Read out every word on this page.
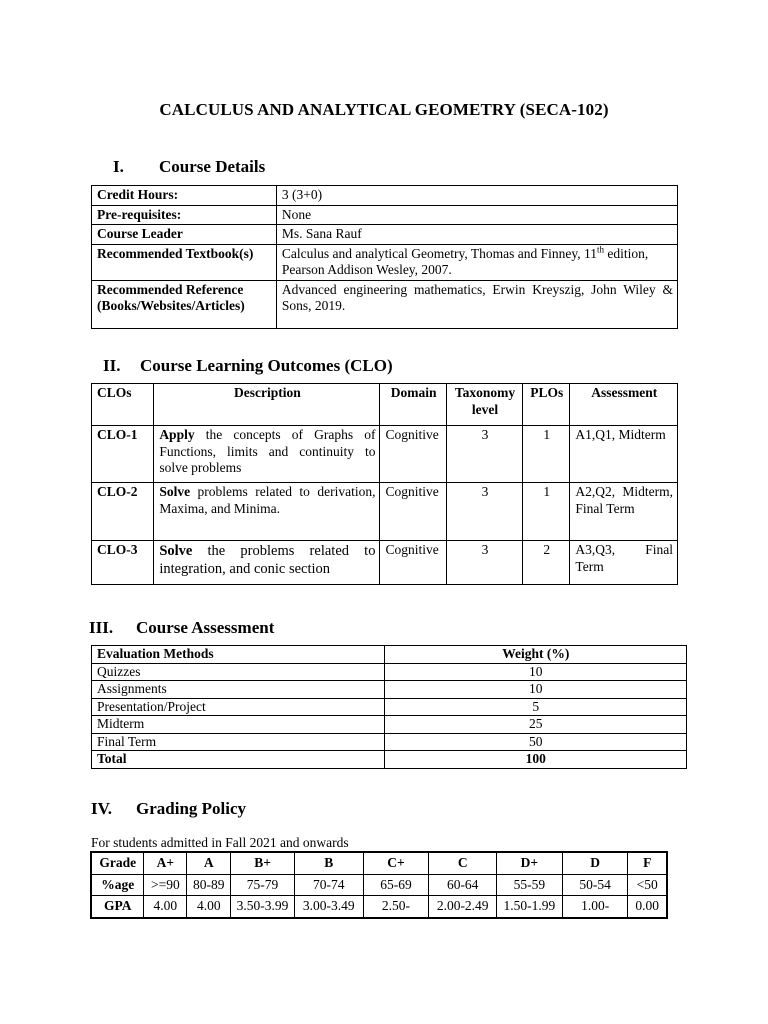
CALCULUS AND ANALYTICAL GEOMETRY (SECA-102)
I. Course Details
Credit Hours:	3 (3+0)
Pre-requisites:	None
Course Leader	Ms. Sana Rauf
Recommended Textbook(s)	Calculus and analytical Geometry, Thomas and Finney, 11th edition, Pearson Addison Wesley, 2007.
Recommended Reference (Books/Websites/Articles)	Advanced engineering mathematics, Erwin Kreyszig, John Wiley & Sons, 2019.
II. Course Learning Outcomes (CLO)
CLOs	Description	Domain	Taxonomy level	PLOs	Assessment
CLO-1	Apply the concepts of Graphs of Functions, limits and continuity to solve problems	Cognitive	3	1	A1,Q1, Midterm
CLO-2	Solve problems related to derivation, Maxima, and Minima.	Cognitive	3	1	A2,Q2, Midterm, Final Term
CLO-3	Solve the problems related to integration, and conic section	Cognitive	3	2	A3,Q3, Final Term
III. Course Assessment
Evaluation Methods	Weight (%)
Quizzes	10
Assignments	10
Presentation/Project	5
Midterm	25
Final Term	50
Total	100
IV. Grading Policy
For students admitted in Fall 2021 and onwards
Grade	A+	A	B+	B	C+	C	D+	D	F
%age	>=90	80-89	75-79	70-74	65-69	60-64	55-59	50-54	<50
GPA	4.00	4.00	3.50-3.99	3.00-3.49	2.50-	2.00-2.49	1.50-1.99	1.00-	0.00
